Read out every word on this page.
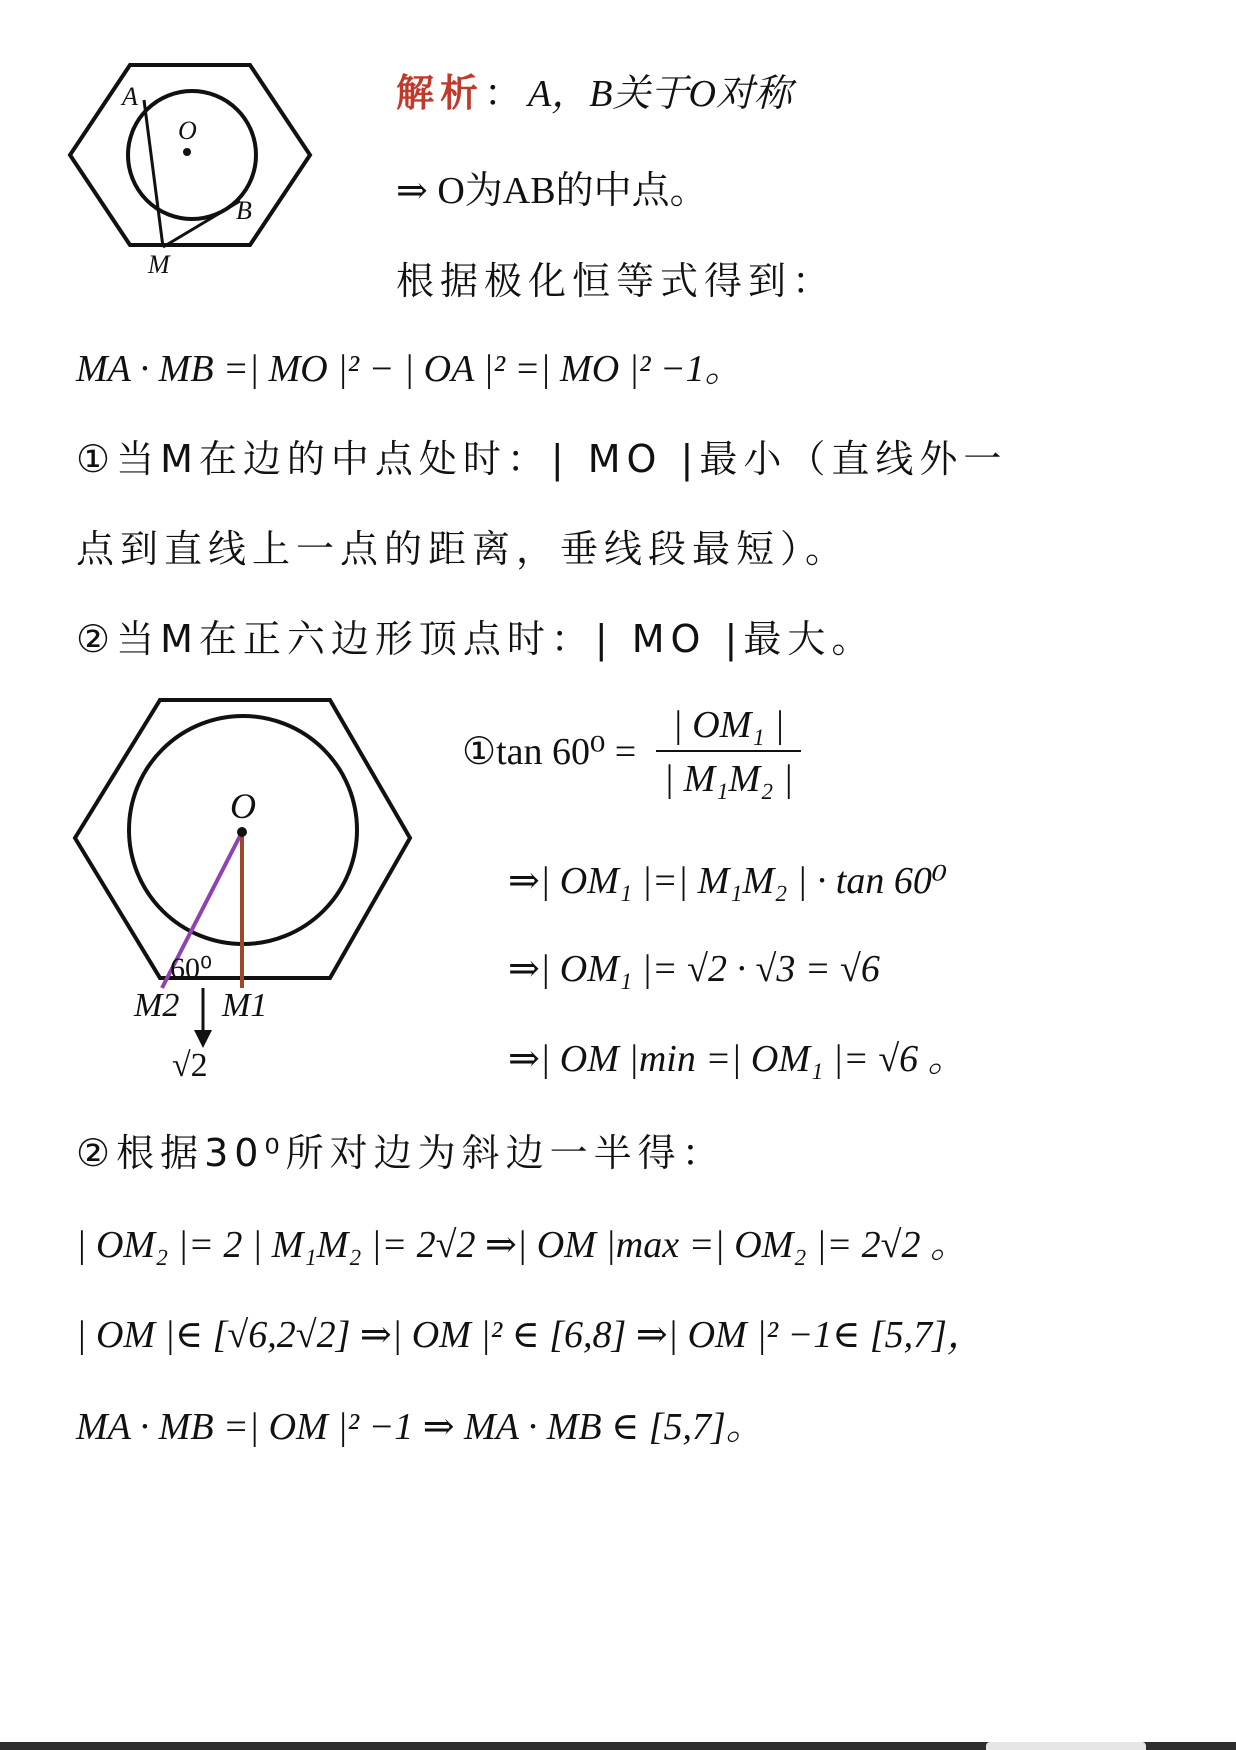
A
O
B
M
解析：A，B关于O对称
⇒ O为AB的中点。
根据极化恒等式得到：
MA · MB =| MO |² − | OA |² =| MO |² −1。
①当M在边的中点处时：| MO |最小（直线外一
点到直线上一点的距离，垂线段最短）。
②当M在正六边形顶点时：| MO |最大。
O
60⁰
M2 M1
√2
①tan $60^0 = \frac{\text{| OM₁ |}}{\text{| M₁M₂ |}}$
⇒| OM₁ |=| M₁M₂ | · tan 60⁰
⇒| OM₁ |= √2 · √3 = √6
⇒| OM |min =| OM₁ |= √6 。
②根据30⁰所对边为斜边一半得：
| OM₂ |= 2 | M₁M₂ |= 2√2 ⇒| OM |max =| OM₂ |= 2√2 。
| OM |∈ [√6,2√2] ⇒| OM |² ∈ [6,8] ⇒| OM |² −1∈ [5,7]，
MA · MB =| OM |² −1 ⇒ MA · MB ∈ [5,7]。
